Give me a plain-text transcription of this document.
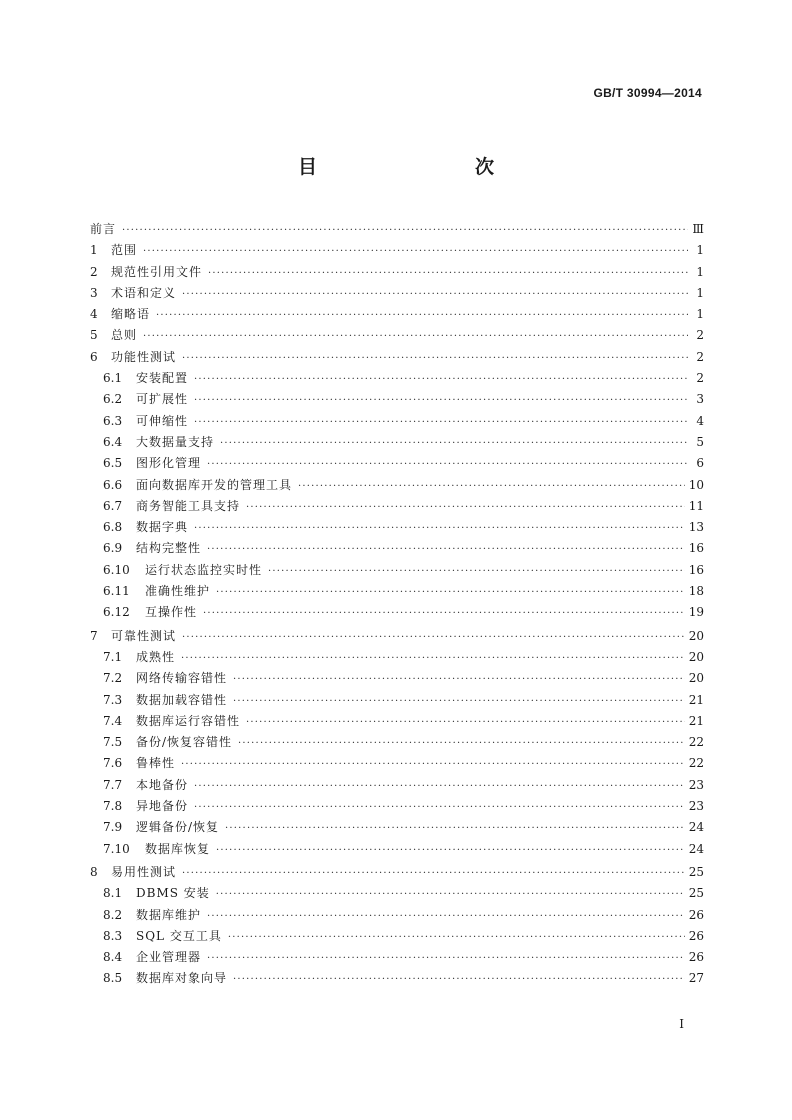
GB/T 30994—2014
目　　次
前言 ·····	Ⅲ
1	范围 ·····	1
2	规范性引用文件 ·····	1
3	术语和定义 ·····	1
4	缩略语 ·····	1
5	总则 ·····	2
6	功能性测试 ·····	2
6.1	安装配置 ·····	2
6.2	可扩展性 ·····	3
6.3	可伸缩性 ·····	4
6.4	大数据量支持 ·····	5
6.5	图形化管理 ·····	6
6.6	面向数据库开发的管理工具 ·····	10
6.7	商务智能工具支持 ·····	11
6.8	数据字典 ·····	13
6.9	结构完整性 ·····	16
6.10	运行状态监控实时性 ·····	16
6.11	准确性维护 ·····	18
6.12	互操作性 ·····	19
7	可靠性测试 ·····	20
7.1	成熟性 ·····	20
7.2	网络传输容错性 ·····	20
7.3	数据加载容错性 ·····	21
7.4	数据库运行容错性 ·····	21
7.5	备份/恢复容错性 ·····	22
7.6	鲁棒性 ·····	22
7.7	本地备份 ·····	23
7.8	异地备份 ·····	23
7.9	逻辑备份/恢复 ·····	24
7.10	数据库恢复 ·····	24
8	易用性测试 ·····	25
8.1	DBMS 安装 ·····	25
8.2	数据库维护 ·····	26
8.3	SQL 交互工具 ·····	26
8.4	企业管理器 ·····	26
8.5	数据库对象向导 ·····	27
I
